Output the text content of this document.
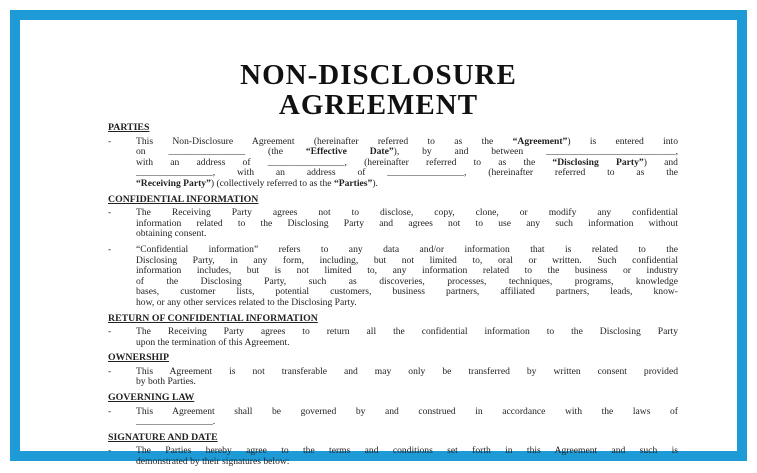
NON-DISCLOSURE
AGREEMENT
PARTIES
-	This Non-Disclosure Agreement (hereinafter referred to as the “Agreement”) is entered into
on ________________ (the “Effective Date”), by and between ___________________________,
with an address of ________________, (hereinafter referred to as the “Disclosing Party”) and
________________, with an address of ________________, (hereinafter referred to as the
“Receiving Party”) (collectively referred to as the “Parties”).
CONFIDENTIAL INFORMATION
-	The Receiving Party agrees not to disclose, copy, clone, or modify any confidential
information related to the Disclosing Party and agrees not to use any such information without
obtaining consent.
-	“Confidential information” refers to any data and/or information that is related to the
Disclosing Party, in any form, including, but not limited to, oral or written. Such confidential
information includes, but is not limited to, any information related to the business or industry
of the Disclosing Party, such as discoveries, processes, techniques, programs, knowledge
bases, customer lists, potential customers, business partners, affiliated partners, leads, know-
how, or any other services related to the Disclosing Party.
RETURN OF CONFIDENTIAL INFORMATION
-	The Receiving Party agrees to return all the confidential information to the Disclosing Party
upon the termination of this Agreement.
OWNERSHIP
-	This Agreement is not transferable and may only be transferred by written consent provided
by both Parties.
GOVERNING LAW
-	This Agreement shall be governed by and construed in accordance with the laws of
________________.
SIGNATURE AND DATE
-	The Parties hereby agree to the terms and conditions set forth in this Agreement and such is
demonstrated by their signatures below:
